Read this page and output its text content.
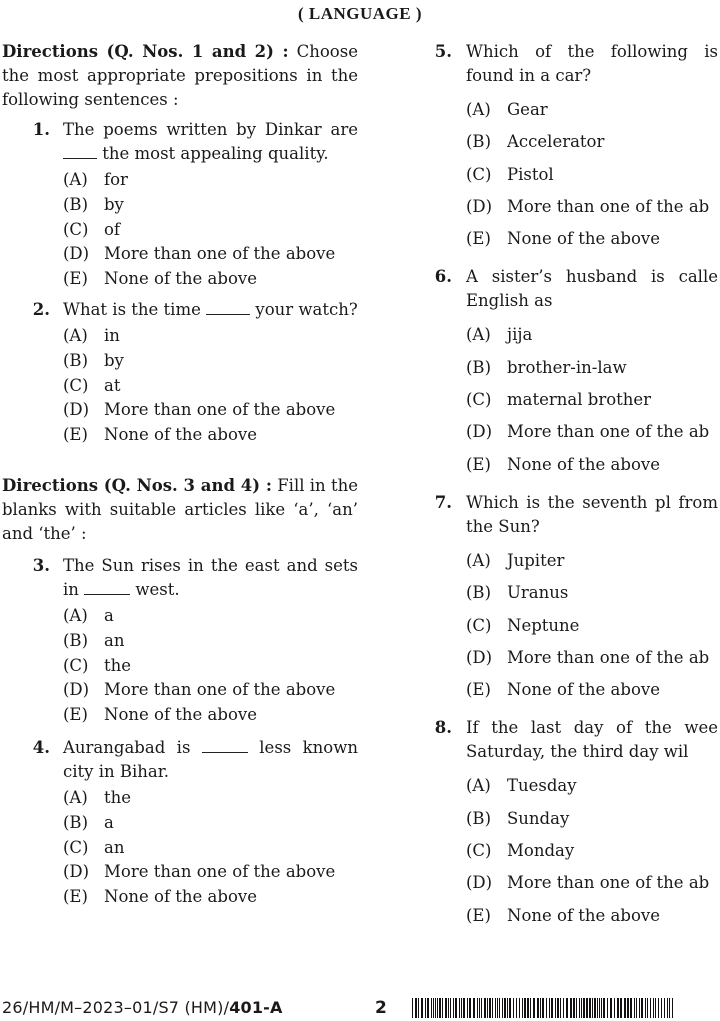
( LANGUAGE )

Directions (Q. Nos. 1 and 2) : Choose the most appropriate prepositions in the following sentences :

1. The poems written by Dinkar are  the most appealing quality.

(A) for
(B) by
(C) of
(D) More than one of the above
(E) None of the above
2. What is the time	your watch?

(A) in
(B) by
(C) at
(D) More than one of the above
(E) None of the above

Directions (Q. Nos. 3 and 4) : Fill in the blanks with suitable articles like ‘a’, ‘an’ and ‘the’ :

3. The Sun rises in the east and sets in	west.

(A) a
(B) an
(C) the
(D) More than one of the above
(E) None of the above
4. Aurangabad is	less known city in Bihar.

(A) the
(B) a
(C) an
(D) More than one of the above
(E) None of the above
5. Which of the following is found in a car?

(A) Gear
(B) Accelerator
(C) Pistol
(D) More than one of the ab
(E) None of the above
6. A sister’s husband is calle English as

(A) jija
(B) brother-in-law
(C) maternal brother
(D) More than one of the ab
(E) None of the above
7. Which is the seventh pl from the Sun?

(A) Jupiter
(B) Uranus
(C) Neptune
(D) More than one of the ab
(E) None of the above
8. If the last day of the wee Saturday, the third day wil

(A) Tuesday
(B) Sunday
(C) Monday
(D) More than one of the ab
(E) None of the above
26/HM/M–2023–01/S7 (HM)/401-A	2
